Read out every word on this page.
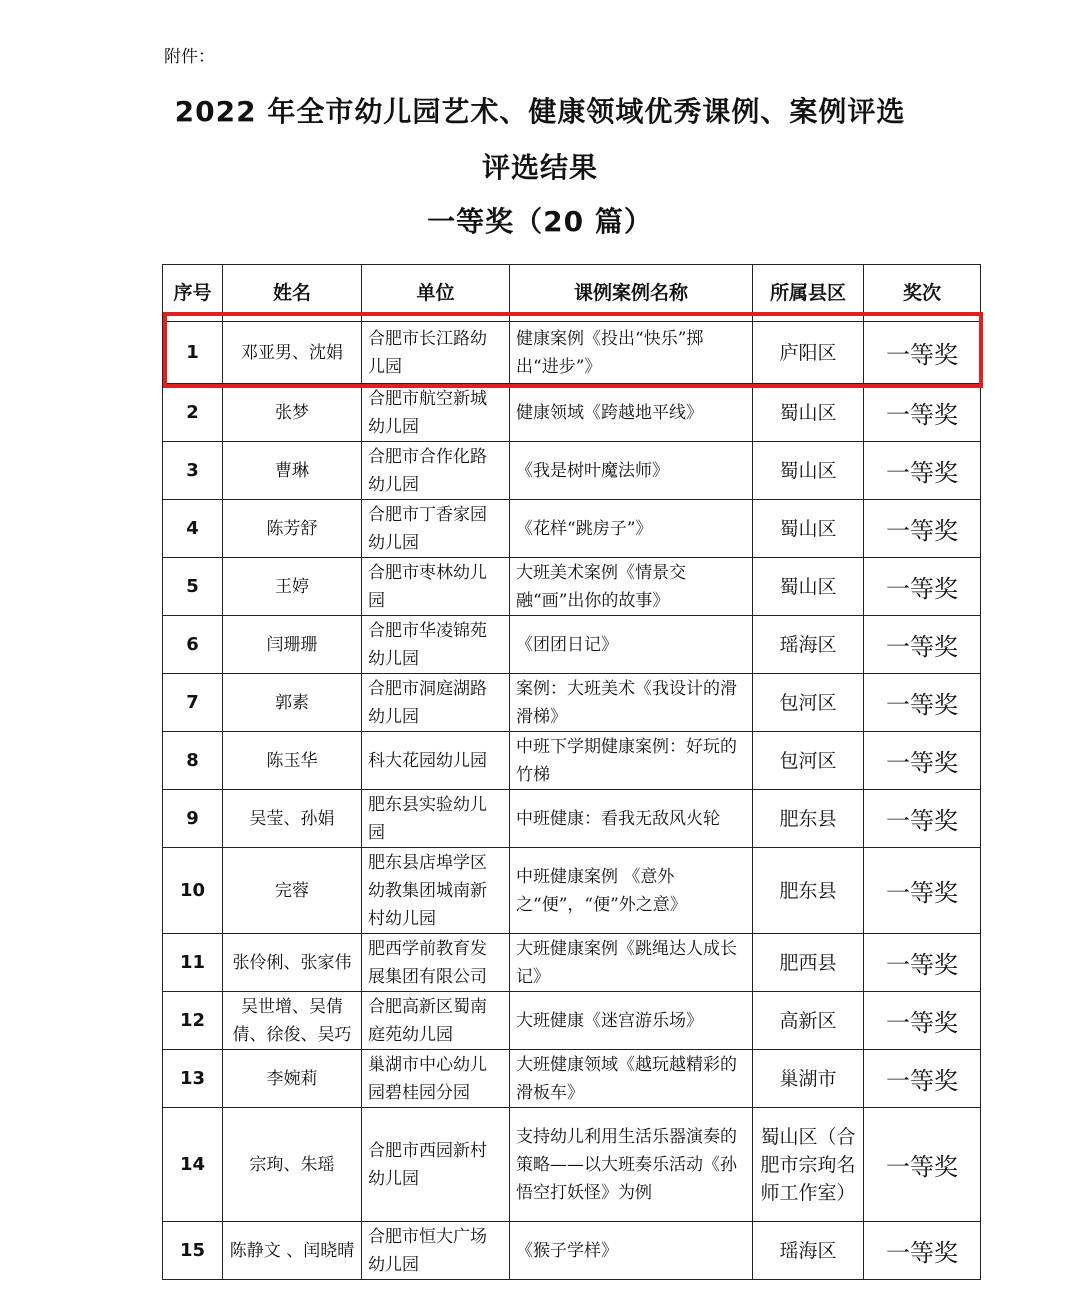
附件：
2022 年全市幼儿园艺术、健康领域优秀课例、案例评选
评选结果
一等奖（20 篇）
序号	姓名	单位	课例案例名称	所属县区	奖次
1	邓亚男、沈娟	合肥市长江路幼儿园	健康案例《投出“快乐”掷出“进步”》	庐阳区	一等奖
2	张梦	合肥市航空新城幼儿园	健康领域《跨越地平线》	蜀山区	一等奖
3	曹琳	合肥市合作化路幼儿园	《我是树叶魔法师》	蜀山区	一等奖
4	陈芳舒	合肥市丁香家园幼儿园	《花样“跳房子”》	蜀山区	一等奖
5	王婷	合肥市枣林幼儿园	大班美术案例《情景交融“画”出你的故事》	蜀山区	一等奖
6	闫珊珊	合肥市华凌锦苑幼儿园	《团团日记》	瑶海区	一等奖
7	郭素	合肥市洞庭湖路幼儿园	案例：大班美术《我设计的滑滑梯》	包河区	一等奖
8	陈玉华	科大花园幼儿园	中班下学期健康案例：好玩的竹梯	包河区	一等奖
9	吴莹、孙娟	肥东县实验幼儿园	中班健康：看我无敌风火轮	肥东县	一等奖
10	完蓉	肥东县店埠学区幼教集团城南新村幼儿园	中班健康案例 《意外之“便”，“便”外之意》	肥东县	一等奖
11	张伶俐、张家伟	肥西学前教育发展集团有限公司	大班健康案例《跳绳达人成长记》	肥西县	一等奖
12	吴世增、吴倩倩、徐俊、吴巧	合肥高新区蜀南庭苑幼儿园	大班健康《迷宫游乐场》	高新区	一等奖
13	李婉莉	巢湖市中心幼儿园碧桂园分园	大班健康领域《越玩越精彩的滑板车》	巢湖市	一等奖
14	宗珣、朱瑶	合肥市西园新村幼儿园	支持幼儿利用生活乐器演奏的策略——以大班奏乐活动《孙悟空打妖怪》为例	蜀山区（合肥市宗珣名师工作室）	一等奖
15	陈静文 、闰晓晴	合肥市恒大广场幼儿园	《猴子学样》	瑶海区	一等奖
